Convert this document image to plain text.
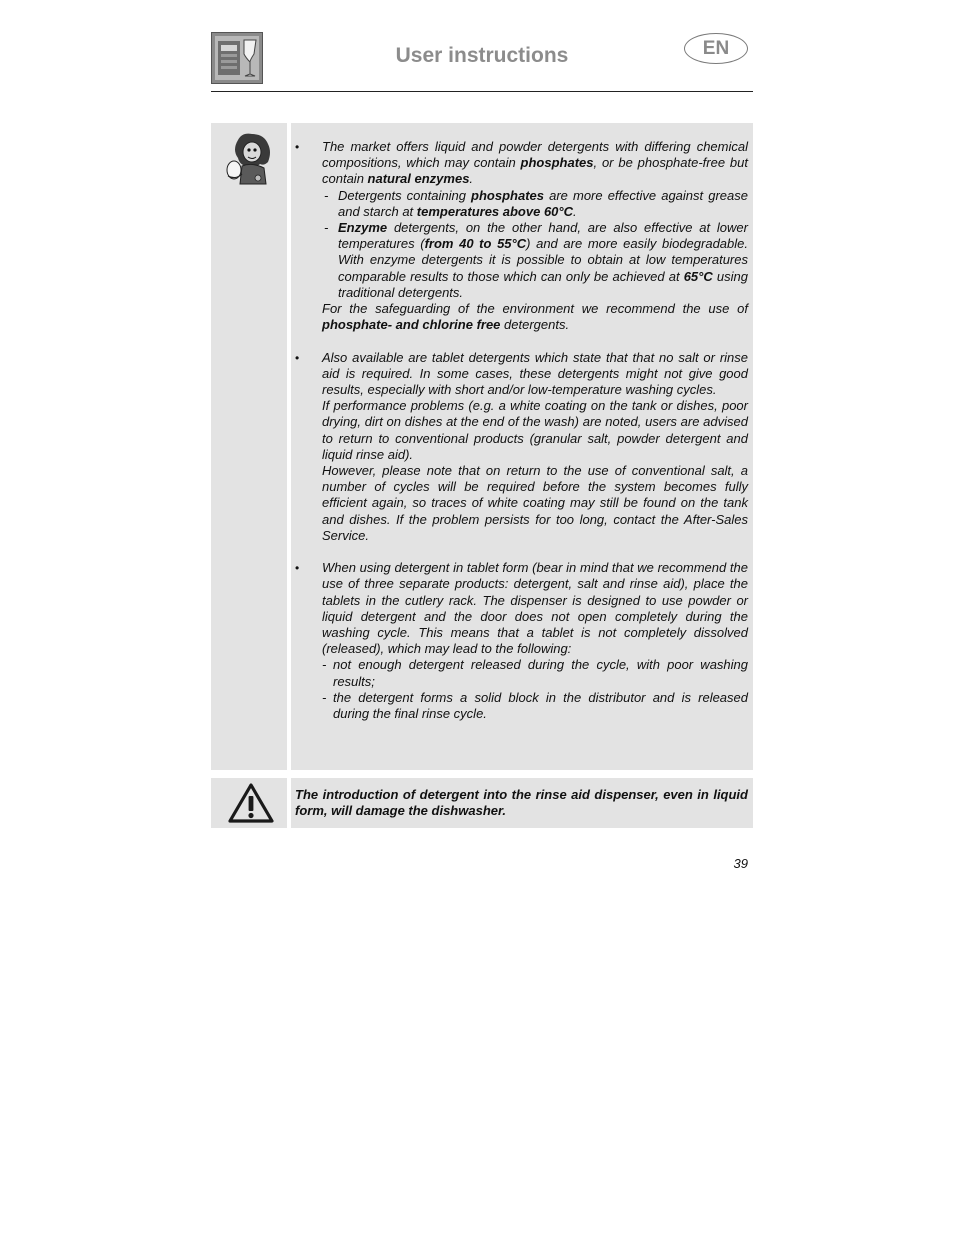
User instructions	EN
• The market offers liquid and powder detergents with differing chemical compositions, which may contain phosphates, or be phosphate-free but contain natural enzymes.
- Detergents containing phosphates are more effective against grease and starch at temperatures above 60°C.
- Enzyme detergents, on the other hand, are also effective at lower temperatures (from 40 to 55°C) and are more easily biodegradable. With enzyme detergents it is possible to obtain at low temperatures comparable results to those which can only be achieved at 65°C using traditional detergents.
For the safeguarding of the environment we recommend the use of phosphate- and chlorine free detergents.
• Also available are tablet detergents which state that that no salt or rinse aid is required. In some cases, these detergents might not give good results, especially with short and/or low-temperature washing cycles.
If performance problems (e.g. a white coating on the tank or dishes, poor drying, dirt on dishes at the end of the wash) are noted, users are advised to return to conventional products (granular salt, powder detergent and liquid rinse aid).
However, please note that on return to the use of conventional salt, a number of cycles will be required before the system becomes fully efficient again, so traces of white coating may still be found on the tank and dishes. If the problem persists for too long, contact the After-Sales Service.
• When using detergent in tablet form (bear in mind that we recommend the use of three separate products: detergent, salt and rinse aid), place the tablets in the cutlery rack. The dispenser is designed to use powder or liquid detergent and the door does not open completely during the washing cycle. This means that a tablet is not completely dissolved (released), which may lead to the following:
- not enough detergent released during the cycle, with poor washing results;
- the detergent forms a solid block in the distributor and is released during the final rinse cycle.
The introduction of detergent into the rinse aid dispenser, even in liquid form, will damage the dishwasher.
39
